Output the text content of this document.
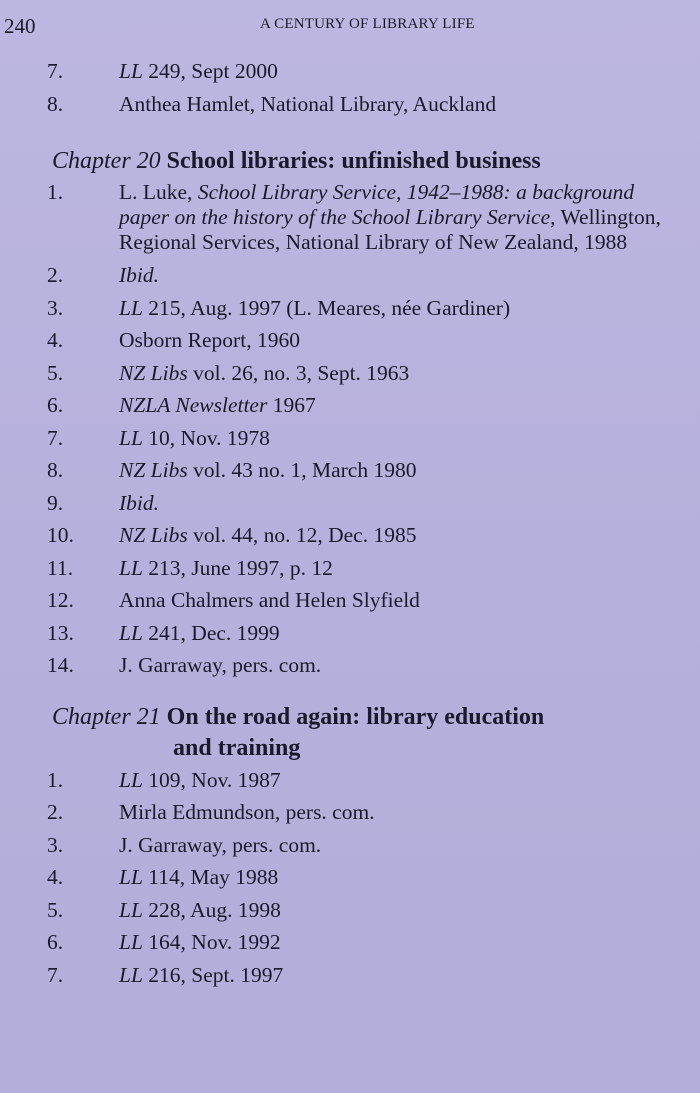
240	A CENTURY OF LIBRARY LIFE
7.	LL 249, Sept 2000
8.	Anthea Hamlet, National Library, Auckland
Chapter 20 School libraries: unfinished business
1.	L. Luke, School Library Service, 1942–1988: a background paper on the history of the School Library Service, Wellington, Regional Services, National Library of New Zealand, 1988
2.	Ibid.
3.	LL 215, Aug. 1997 (L. Meares, née Gardiner)
4.	Osborn Report, 1960
5.	NZ Libs vol. 26, no. 3, Sept. 1963
6.	NZLA Newsletter 1967
7.	LL 10, Nov. 1978
8.	NZ Libs vol. 43 no. 1, March 1980
9.	Ibid.
10.	NZ Libs vol. 44, no. 12, Dec. 1985
11.	LL 213, June 1997, p. 12
12.	Anna Chalmers and Helen Slyfield
13.	LL 241, Dec. 1999
14.	J. Garraway, pers. com.
Chapter 21 On the road again: library education
and training
1.	LL 109, Nov. 1987
2.	Mirla Edmundson, pers. com.
3.	J. Garraway, pers. com.
4.	LL 114, May 1988
5.	LL 228, Aug. 1998
6.	LL 164, Nov. 1992
7.	LL 216, Sept. 1997
